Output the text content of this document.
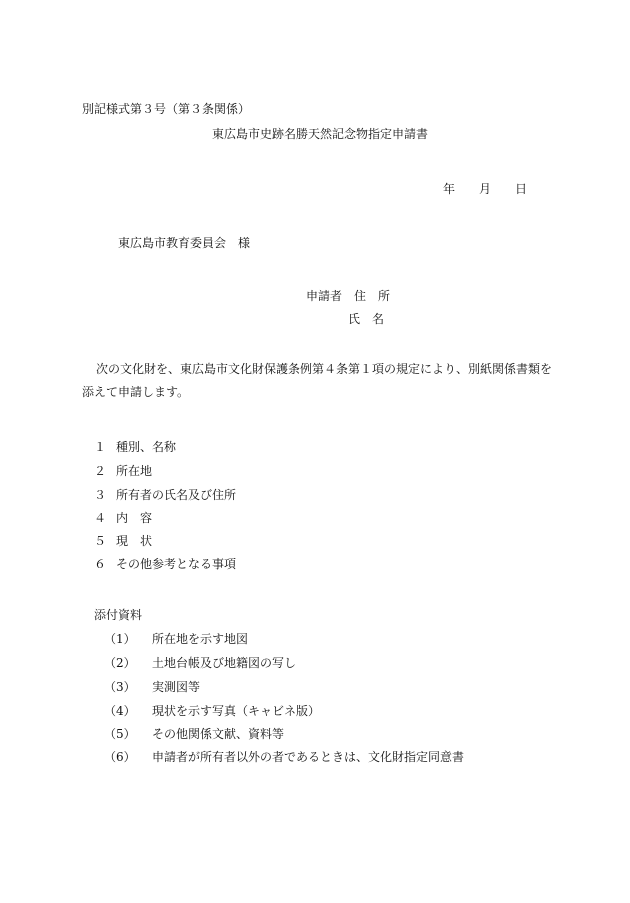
別記様式第３号（第３条関係）
東広島市史跡名勝天然記念物指定申請書
年 月 日
東広島市教育委員会　様
申請者　住　所
氏　名
次の文化財を、東広島市文化財保護条例第４条第１項の規定により、別紙関係書類を
添えて申請します。
１ 種別、名称
２ 所在地
３ 所有者の氏名及び住所
４ 内　容
５ 現　状
６ その他参考となる事項
添付資料
（1） 所在地を示す地図
（2） 土地台帳及び地籍図の写し
（3） 実測図等
（4） 現状を示す写真（キャビネ版）
（5） その他関係文献、資料等
（6） 申請者が所有者以外の者であるときは、文化財指定同意書
